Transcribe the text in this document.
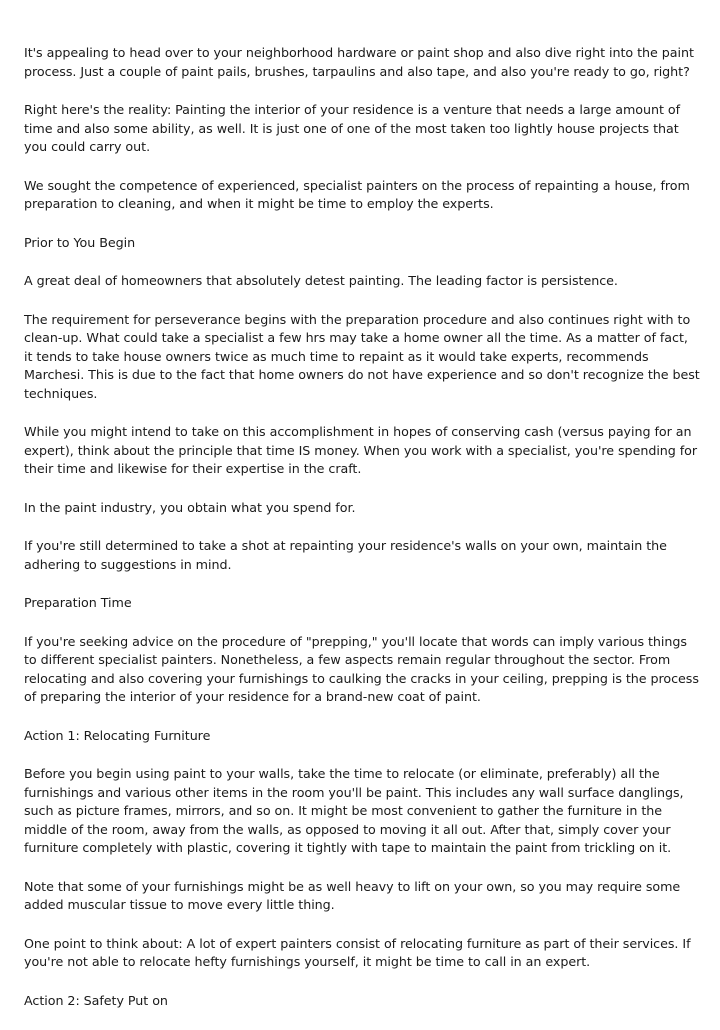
It's appealing to head over to your neighborhood hardware or paint shop and also dive right into the paint process. Just a couple of paint pails, brushes, tarpaulins and also tape, and also you're ready to go, right?

Right here's the reality: Painting the interior of your residence is a venture that needs a large amount of time and also some ability, as well. It is just one of one of the most taken too lightly house projects that you could carry out.

We sought the competence of experienced, specialist painters on the process of repainting a house, from preparation to cleaning, and when it might be time to employ the experts.

Prior to You Begin

A great deal of homeowners that absolutely detest painting. The leading factor is persistence.

The requirement for perseverance begins with the preparation procedure and also continues right with to clean-up. What could take a specialist a few hrs may take a home owner all the time. As a matter of fact, it tends to take house owners twice as much time to repaint as it would take experts, recommends Marchesi. This is due to the fact that home owners do not have experience and so don't recognize the best techniques.

While you might intend to take on this accomplishment in hopes of conserving cash (versus paying for an expert), think about the principle that time IS money. When you work with a specialist, you're spending for their time and likewise for their expertise in the craft.

In the paint industry, you obtain what you spend for.

If you're still determined to take a shot at repainting your residence's walls on your own, maintain the adhering to suggestions in mind.

Preparation Time

If you're seeking advice on the procedure of "prepping," you'll locate that words can imply various things to different specialist painters. Nonetheless, a few aspects remain regular throughout the sector. From relocating and also covering your furnishings to caulking the cracks in your ceiling, prepping is the process of preparing the interior of your residence for a brand-new coat of paint.

Action 1: Relocating Furniture

Before you begin using paint to your walls, take the time to relocate (or eliminate, preferably) all the furnishings and various other items in the room you'll be paint. This includes any wall surface danglings, such as picture frames, mirrors, and so on. It might be most convenient to gather the furniture in the middle of the room, away from the walls, as opposed to moving it all out. After that, simply cover your furniture completely with plastic, covering it tightly with tape to maintain the paint from trickling on it.

Note that some of your furnishings might be as well heavy to lift on your own, so you may require some added muscular tissue to move every little thing.

One point to think about: A lot of expert painters consist of relocating furniture as part of their services. If you're not able to relocate hefty furnishings yourself, it might be time to call in an expert.

Action 2: Safety Put on
